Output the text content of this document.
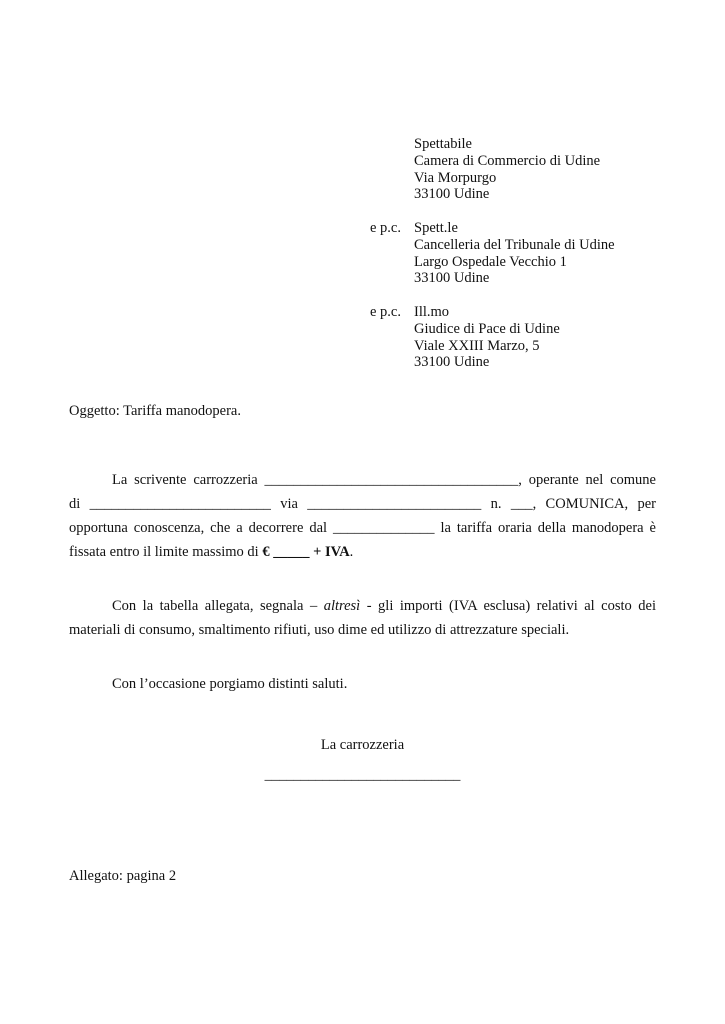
Spettabile
Camera di Commercio di Udine
Via Morpurgo
33100 Udine
e p.c. Spett.le
Cancelleria del Tribunale di Udine
Largo Ospedale Vecchio 1
33100 Udine
e p.c. Ill.mo
Giudice di Pace di Udine
Viale XXIII Marzo, 5
33100 Udine
Oggetto: Tariffa manodopera.
La scrivente carrozzeria ___________________________________, operante nel comune
di _________________________ via ________________________ n. ___, COMUNICA, per
opportuna conoscenza, che a decorrere dal ______________ la tariffa oraria della manodopera è
fissata entro il limite massimo di € _____ + IVA.
Con la tabella allegata, segnala – altresì - gli importi (IVA esclusa) relativi al costo dei
materiali di consumo, smaltimento rifiuti, uso dime ed utilizzo di attrezzature speciali.
Con l’occasione porgiamo distinti saluti.
La carrozzeria
___________________________
Allegato: pagina 2
